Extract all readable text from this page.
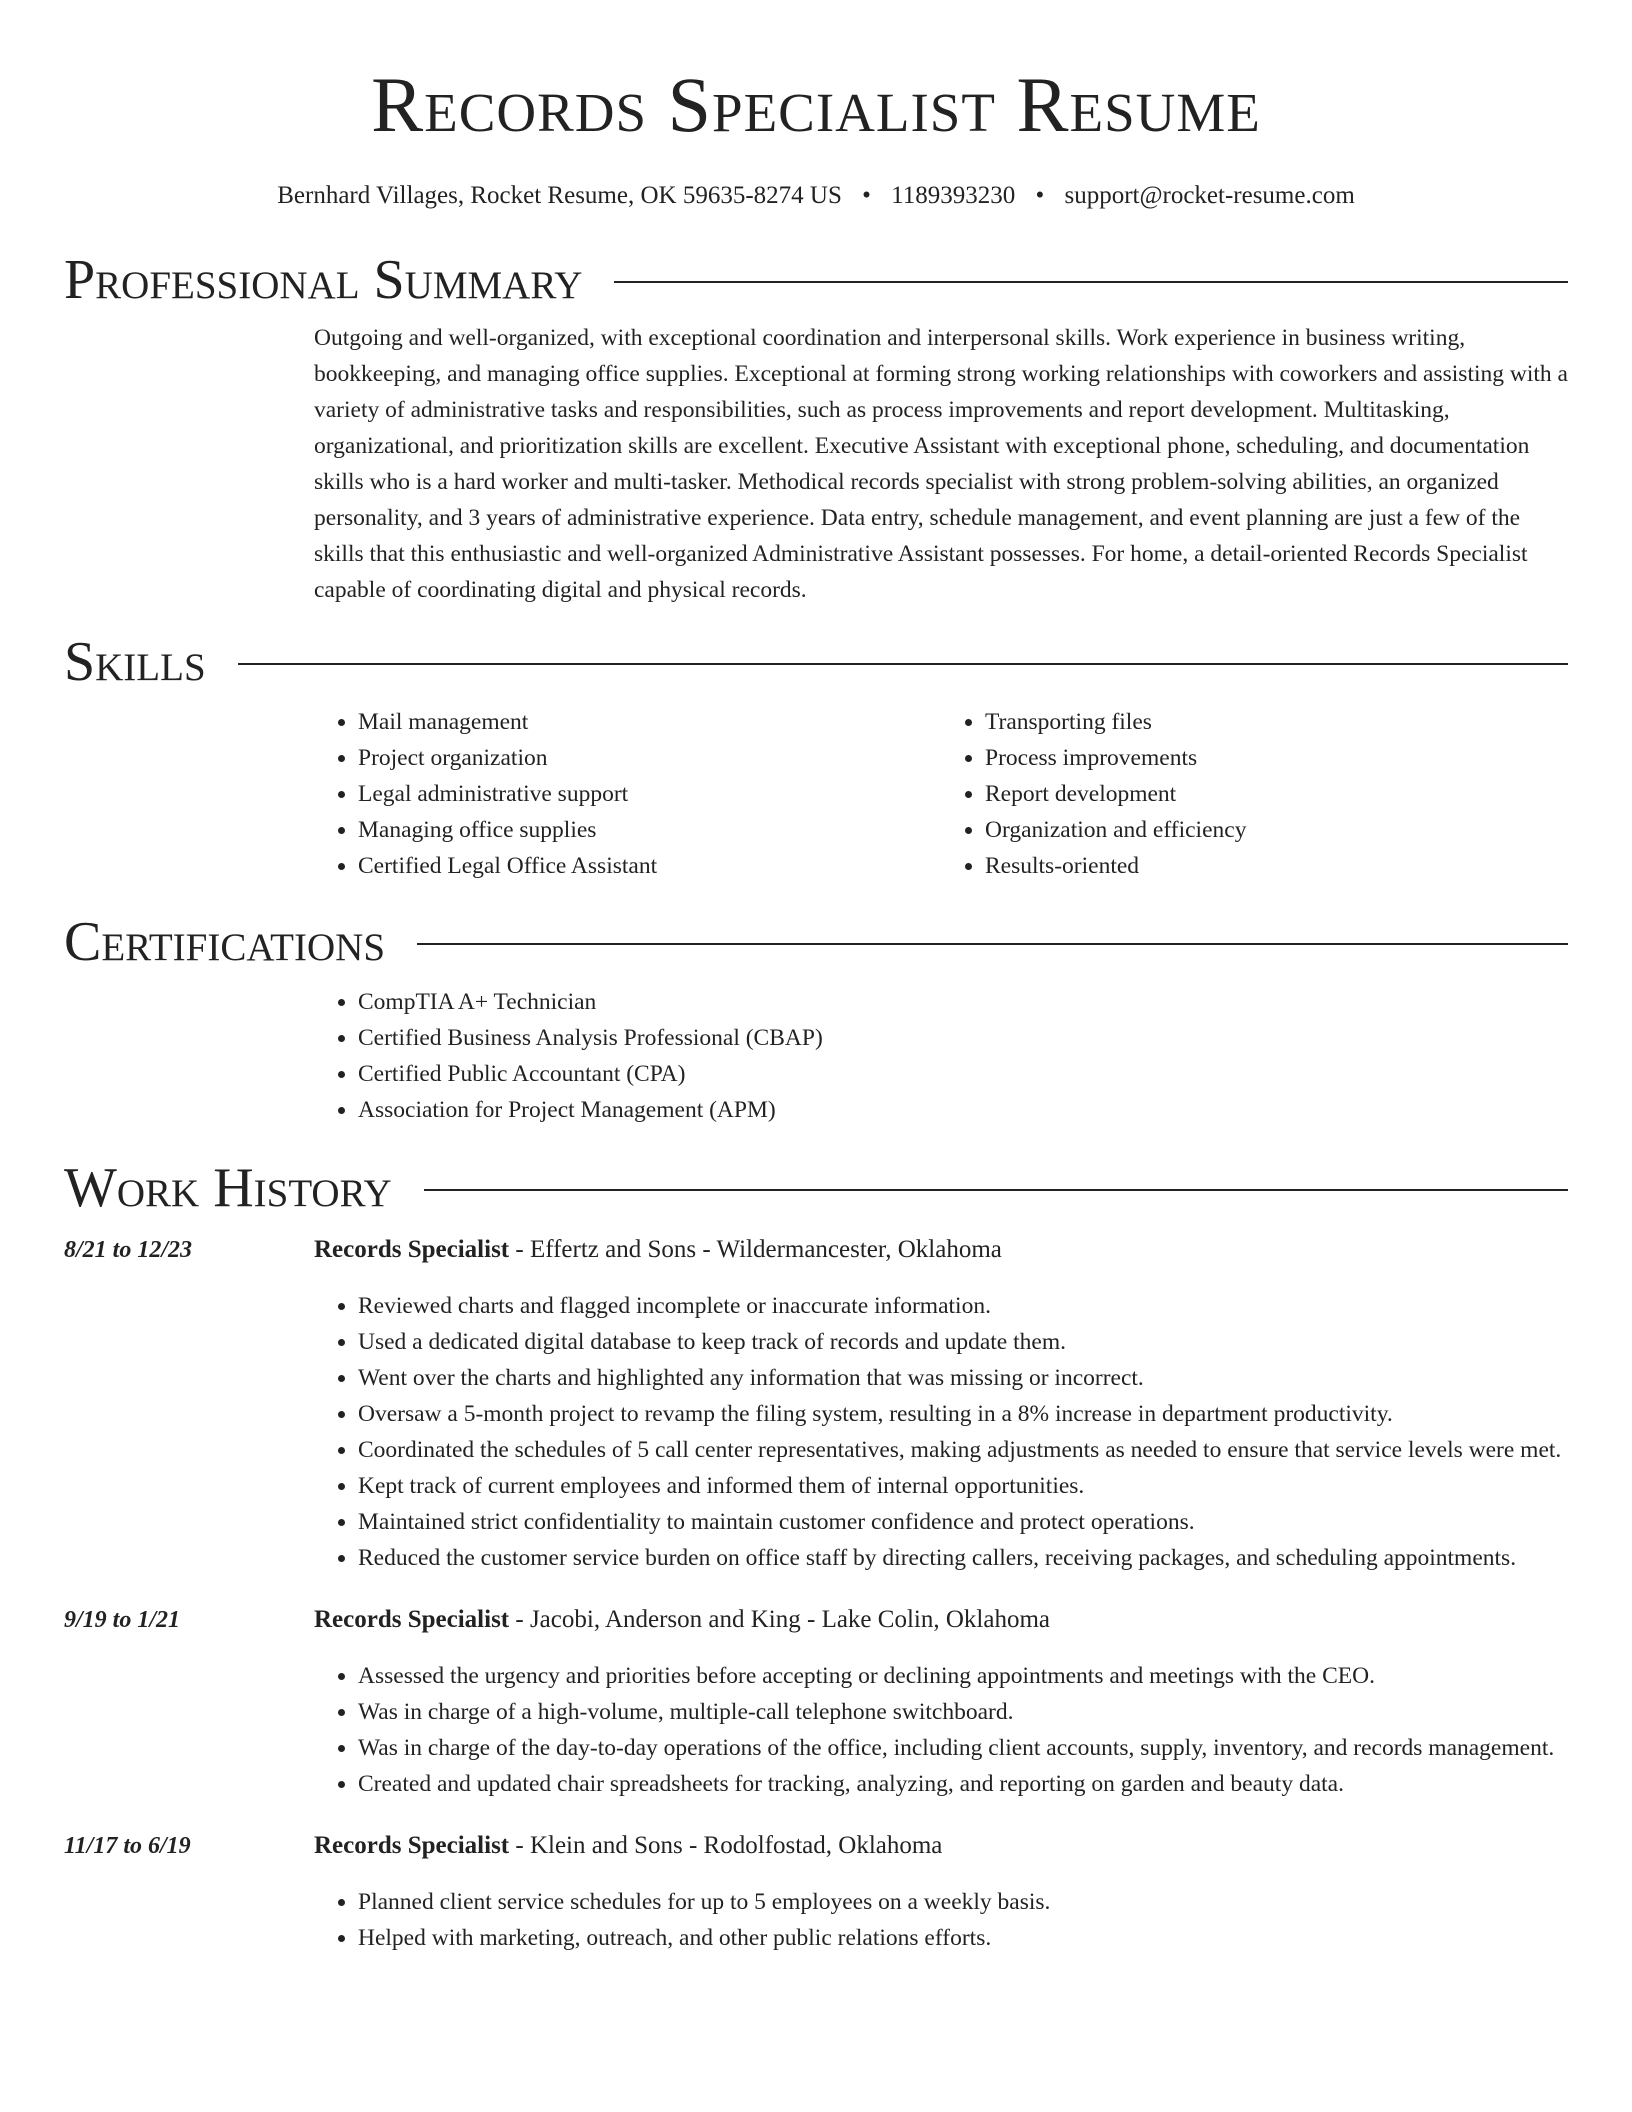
Records Specialist Resume
Bernhard Villages, Rocket Resume, OK 59635-8274 US • 1189393230 • support@rocket-resume.com
Professional Summary

Outgoing and well-organized, with exceptional coordination and interpersonal skills. Work experience in business writing, bookkeeping, and managing office supplies. Exceptional at forming strong working relationships with coworkers and assisting with a variety of administrative tasks and responsibilities, such as process improvements and report development. Multitasking, organizational, and prioritization skills are excellent. Executive Assistant with exceptional phone, scheduling, and documentation skills who is a hard worker and multi-tasker. Methodical records specialist with strong problem-solving abilities, an organized personality, and 3 years of administrative experience. Data entry, schedule management, and event planning are just a few of the skills that this enthusiastic and well-organized Administrative Assistant possesses. For home, a detail-oriented Records Specialist capable of coordinating digital and physical records.

Skills
• Mail management
• Project organization
• Legal administrative support
• Managing office supplies
• Certified Legal Office Assistant
• Transporting files
• Process improvements
• Report development
• Organization and efficiency
• Results-oriented
Certifications
• CompTIA A+ Technician
• Certified Business Analysis Professional (CBAP)
• Certified Public Accountant (CPA)
• Association for Project Management (APM)
Work History
8/21 to 12/23	Records Specialist - Effertz and Sons - Wildermancester, Oklahoma
• Reviewed charts and flagged incomplete or inaccurate information.
• Used a dedicated digital database to keep track of records and update them.
• Went over the charts and highlighted any information that was missing or incorrect.
• Oversaw a 5-month project to revamp the filing system, resulting in a 8% increase in department productivity.
• Coordinated the schedules of 5 call center representatives, making adjustments as needed to ensure that service levels were met.
• Kept track of current employees and informed them of internal opportunities.
• Maintained strict confidentiality to maintain customer confidence and protect operations.
• Reduced the customer service burden on office staff by directing callers, receiving packages, and scheduling appointments.
9/19 to 1/21	Records Specialist - Jacobi, Anderson and King - Lake Colin, Oklahoma
• Assessed the urgency and priorities before accepting or declining appointments and meetings with the CEO.
• Was in charge of a high-volume, multiple-call telephone switchboard.
• Was in charge of the day-to-day operations of the office, including client accounts, supply, inventory, and records management.
• Created and updated chair spreadsheets for tracking, analyzing, and reporting on garden and beauty data.
11/17 to 6/19	Records Specialist - Klein and Sons - Rodolfostad, Oklahoma
• Planned client service schedules for up to 5 employees on a weekly basis.
• Helped with marketing, outreach, and other public relations efforts.
